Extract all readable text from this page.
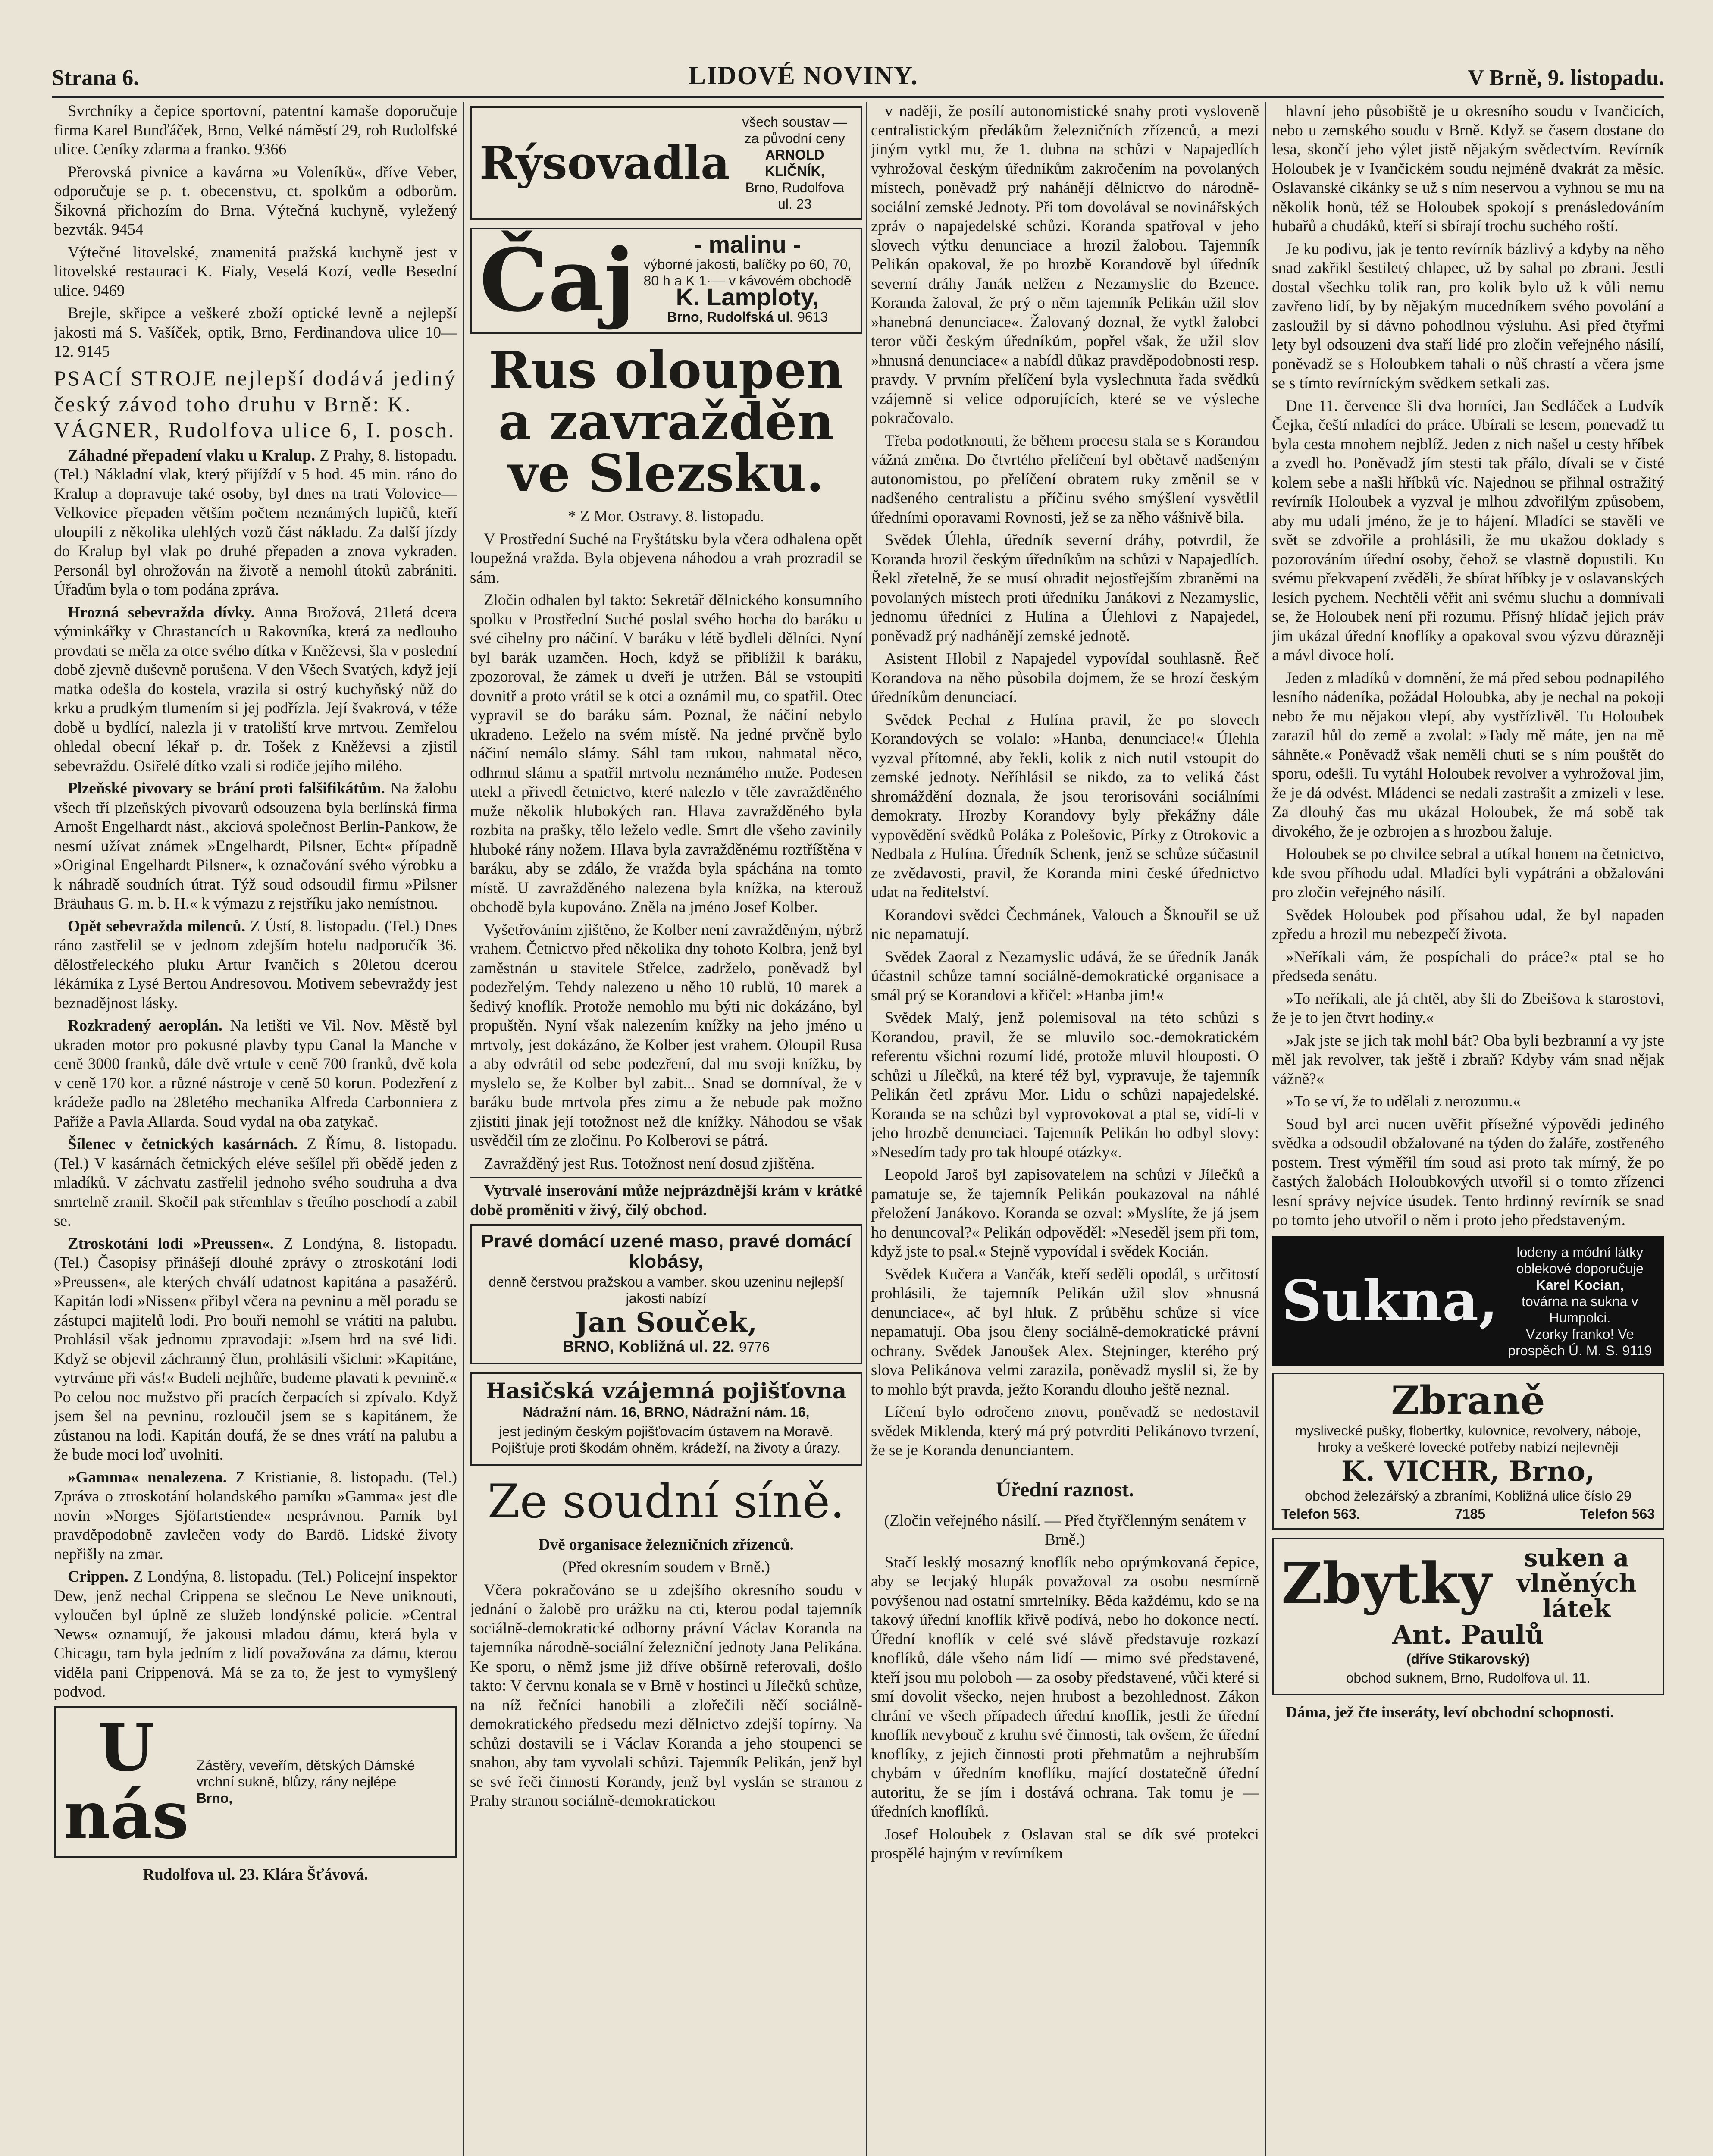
Strana 6.	LIDOVÉ NOVINY.	V Brně, 9. listopadu.

Svrchníky a čepice sportovní, patentní kamaše doporučuje firma Karel Bunďáček, Brno, Velké náměstí 29, roh Rudolfské ulice. Ceníky zdarma a franko. 9366

Přerovská pivnice a kavárna »u Voleníků«, dříve Veber, odporučuje se p. t. obecenstvu, ct. spolkům a odborům. Šikovná přichozím do Brna. Výtečná kuchyně, vyležený bezvták. 9454

Výtečné litovelské, znamenitá pražská kuchyně jest v litovelské restauraci K. Fialy, Veselá Kozí, vedle Besední ulice. 9469

Brejle, skřipce a veškeré zboží optické levně a nejlepší jakosti má S. Vašíček, optik, Brno, Ferdinandova ulice 10—12. 9145

PSACÍ STROJE nejlepší dodává jediný český závod toho druhu v Brně: K. VÁGNER, Rudolfova ulice 6, I. posch.

Záhadné přepadení vlaku u Kralup. Z Prahy, 8. listopadu. (Tel.) Nákladní vlak, který přijíždí v 5 hod. 45 min. ráno do Kralup a dopravuje také osoby, byl dnes na trati Volovice—Velkovice přepaden větším počtem neznámých lupičů, kteří uloupili z několika ulehlých vozů část nákladu. Za další jízdy do Kralup byl vlak po druhé přepaden a znova vykraden. Personál byl ohrožován na životě a nemohl útoků zabrániti. Úřadům byla o tom podána zpráva.

Hrozná sebevražda dívky. Anna Brožová, 21letá dcera výminkářky v Chrastancích u Rakovníka, která za nedlouho provdati se měla za otce svého dítka v Kněževsi, šla v poslední době zjevně duševně porušena. V den Všech Svatých, když její matka odešla do kostela, vrazila si ostrý kuchyňský nůž do krku a prudkým tlumením si jej podřízla. Její švakrová, v téže době u bydlící, nalezla ji v tratoliští krve mrtvou. Zemřelou ohledal obecní lékař p. dr. Tošek z Kněževsi a zjistil sebevraždu. Osiřelé dítko vzali si rodiče jejího milého.

Plzeňské pivovary se brání proti falšifikátům. Na žalobu všech tří plzeňských pivovarů odsouzena byla berlínská firma Arnošt Engelhardt nást., akciová společnost Berlin-Pankow, že nesmí užívat známek »Engelhardt, Pilsner, Echt« případně »Original Engelhardt Pilsner«, k označování svého výrobku a k náhradě soudních útrat. Týž soud odsoudil firmu »Pilsner Bräuhaus G. m. b. H.« k výmazu z rejstříku jako nemístnou.

Opět sebevražda milenců. Z Ústí, 8. listopadu. (Tel.) Dnes ráno zastřelil se v jednom zdejším hotelu nadporučík 36. dělostřeleckého pluku Artur Ivančich s 20letou dcerou lékárníka z Lysé Bertou Andresovou. Motivem sebevraždy jest beznadějnost lásky.

Rozkradený aeroplán. Na letišti ve Vil. Nov. Městě byl ukraden motor pro pokusné plavby typu Canal la Manche v ceně 3000 franků, dále dvě vrtule v ceně 700 franků, dvě kola v ceně 170 kor. a různé nástroje v ceně 50 korun. Podezření z krádeže padlo na 28letého mechanika Alfreda Carbonniera z Paříže a Pavla Allarda. Soud vydal na oba zatykač.

Šílenec v četnických kasárnách. Z Římu, 8. listopadu. (Tel.) V kasárnách četnických eléve sešílel při obědě jeden z mladíků. V záchvatu zastřelil jednoho svého soudruha a dva smrtelně zranil. Skočil pak střemhlav s třetího poschodí a zabil se.

Ztroskotání lodi »Preussen«. Z Londýna, 8. listopadu. (Tel.) Časopisy přinášejí dlouhé zprávy o ztroskotání lodi »Preussen«, ale kterých chválí udatnost kapitána a pasažérů. Kapitán lodi »Nissen« přibyl včera na pevninu a měl poradu se zástupci majitelů lodi. Pro bouři nemohl se vrátiti na palubu. Prohlásil však jednomu zpravodaji: »Jsem hrd na své lidi. Když se objevil záchranný člun, prohlásili všichni: »Kapitáne, vytrváme při vás!« Budeli nejhůře, budeme plavati k pevnině.« Po celou noc mužstvo při pracích čerpacích si zpívalo. Když jsem šel na pevninu, rozloučil jsem se s kapitánem, že zůstanou na lodi. Kapitán doufá, že se dnes vrátí na palubu a že bude moci loď uvolniti.

»Gamma« nenalezena. Z Kristianie, 8. listopadu. (Tel.) Zpráva o ztroskotání holandského parníku »Gamma« jest dle novin »Norges Sjöfartstiende« nesprávnou. Parník byl pravděpodobně zavlečen vody do Bardö. Lidské životy nepřišly na zmar.

Crippen. Z Londýna, 8. listopadu. (Tel.) Policejní inspektor Dew, jenž nechal Crippena se slečnou Le Neve uniknouti, vyloučen byl úplně ze služeb londýnské policie. »Central News« oznamují, že jakousi mladou dámu, která byla v Chicagu, tam byla jedním z lidí považována za dámu, kterou viděla pani Crippenová. Má se za to, že jest to vymyšlený podvod.

U nás
Zástěry, veveřím, dětských Dámské vrchní sukně, blůzy, rány nejlépe
Brno,

Rudolfova ul. 23. Klára Šťávová.

Rýsovadla
všech soustav — za původní ceny
ARNOLD KLIČNÍK,
Brno, Rudolfova ul. 23
Čaj	- malinu -
výborné jakosti, balíčky po 60, 70, 80 h a K 1·— v kávovém obchodě
K. Lamploty,
Brno, Rudolfská ul. 9613
Rus oloupen a zavražděn ve Slezsku.

* Z Mor. Ostravy, 8. listopadu.

V Prostřední Suché na Fryštátsku byla včera odhalena opět loupežná vražda. Byla objevena náhodou a vrah prozradil se sám.

Zločin odhalen byl takto: Sekretář dělnického konsumního spolku v Prostřední Suché poslal svého hocha do baráku u své cihelny pro náčiní. V baráku v létě bydleli dělníci. Nyní byl barák uzamčen. Hoch, když se přiblížil k baráku, zpozoroval, že zámek u dveří je utržen. Bál se vstoupiti dovnitř a proto vrátil se k otci a oznámil mu, co spatřil. Otec vypravil se do baráku sám. Poznal, že náčiní nebylo ukradeno. Leželo na svém místě. Na jedné prvčně bylo náčiní nemálo slámy. Sáhl tam rukou, nahmatal něco, odhrnul slámu a spatřil mrtvolu neznámého muže. Podesen utekl a přivedl četnictvo, které nalezlo v těle zavražděného muže několik hlubokých ran. Hlava zavražděného byla rozbita na prašky, tělo leželo vedle. Smrt dle všeho zavinily hluboké rány nožem. Hlava byla zavražděnému roztříštěna v baráku, aby se zdálo, že vražda byla spáchána na tomto místě. U zavražděného nalezena byla knížka, na kterouž obchodě byla kupováno. Zněla na jméno Josef Kolber.

Vyšetřováním zjištěno, že Kolber není zavražděným, nýbrž vrahem. Četnictvo před několika dny tohoto Kolbra, jenž byl zaměstnán u stavitele Střelce, zadrželo, poněvadž byl podezřelým. Tehdy nalezeno u něho 10 rublů, 10 marek a šedivý knoflík. Protože nemohlo mu býti nic dokázáno, byl propuštěn. Nyní však nalezením knížky na jeho jméno u mrtvoly, jest dokázáno, že Kolber jest vrahem. Oloupil Rusa a aby odvrátil od sebe podezření, dal mu svoji knížku, by myslelo se, že Kolber byl zabit... Snad se domníval, že v baráku bude mrtvola přes zimu a že nebude pak možno zjistiti jinak její totožnost než dle knížky. Náhodou se však usvědčil tím ze zločinu. Po Kolberovi se pátrá.

Zavražděný jest Rus. Totožnost není dosud zjištěna.

Vytrvalé inserování může nejprázdnější krám v krátké době proměniti v živý, čilý obchod.

Pravé domácí uzené maso, pravé domácí klobásy,

denně čerstvou pražskou a vamber. skou uzeninu nejlepší jakosti nabízí

Jan Souček,
BRNO, Kobližná ul. 22. 9776
Hasičská vzájemná pojišťovna
Nádražní nám. 16, BRNO, Nádražní nám. 16,

jest jediným českým pojišťovacím ústavem na Moravě. Pojišťuje proti škodám ohněm, krádeží, na životy a úrazy.

Ze soudní síně.

Dvě organisace železničních zřízenců.

(Před okresním soudem v Brně.)

Včera pokračováno se u zdejšího okresního soudu v jednání o žalobě pro urážku na cti, kterou podal tajemník sociálně-demokratické odborny právní Václav Koranda na tajemníka národně-sociální železniční jednoty Jana Pelikána. Ke sporu, o němž jsme již dříve obšírně referovali, došlo takto: V červnu konala se v Brně v hostinci u Jílečků schůze, na níž řečníci hanobili a zlořečili něčí sociálně-demokratického předsedu mezi dělnictvo zdejší topírny. Na schůzi dostavili se i Václav Koranda a jeho stoupenci se snahou, aby tam vyvolali schůzi. Tajemník Pelikán, jenž byl se své řeči činnosti Korandy, jenž byl vyslán se stranou z Prahy stranou sociálně-demokratickou

v naději, že posílí autonomistické snahy proti vysloveně centralistickým předákům železničních zřízenců, a mezi jiným vytkl mu, že 1. dubna na schůzi v Napajedlích vyhrožoval českým úředníkům zakročením na povolaných místech, poněvadž prý nahánějí dělnictvo do národně-sociální zemské Jednoty. Při tom dovolával se novinářských zpráv o napajedelské schůzi. Koranda spatřoval v jeho slovech výtku denunciace a hrozil žalobou. Tajemník Pelikán opakoval, že po hrozbě Korandově byl úředník severní dráhy Janák nelžen z Nezamyslic do Bzence. Koranda žaloval, že prý o něm tajemník Pelikán užil slov »hanebná denunciace«. Žalovaný doznal, že vytkl žalobci teror vůči českým úředníkům, popřel však, že užil slov »hnusná denunciace« a nabídl důkaz pravděpodobnosti resp. pravdy. V prvním přelíčení byla vyslechnuta řada svědků vzájemně si velice odporujících, které se ve výsleche pokračovalo.

Třeba podotknouti, že během procesu stala se s Korandou vážná změna. Do čtvrtého přelíčení byl obětavě nadšeným autonomistou, po přelíčení obratem ruky změnil se v nadšeného centralistu a příčinu svého smýšlení vysvětlil úředními oporavami Rovnosti, jež se za něho vášnivě bila.

Svědek Úlehla, úředník severní dráhy, potvrdil, že Koranda hrozil českým úředníkům na schůzi v Napajedlích. Řekl zřetelně, že se musí ohradit nejostřejším zbraněmi na povolaných místech proti úředníku Janákovi z Nezamyslic, jednomu úředníci z Hulína a Úlehlovi z Napajedel, poněvadž prý nadhánějí zemské jednotě.

Asistent Hlobil z Napajedel vypovídal souhlasně. Řeč Korandova na něho působila dojmem, že se hrozí českým úředníkům denunciací.

Svědek Pechal z Hulína pravil, že po slovech Korandových se volalo: »Hanba, denunciace!« Úlehla vyzval přítomné, aby řekli, kolik z nich nutil vstoupit do zemské jednoty. Neříhlásil se nikdo, za to veliká část shromáždění doznala, že jsou terorisováni sociálními demokraty. Hrozby Korandovy byly překážny dále vypovědění svědků Poláka z Polešovic, Pírky z Otrokovic a Nedbala z Hulína. Úředník Schenk, jenž se schůze súčastnil ze zvědavosti, pravil, že Koranda mini české úřednictvo udat na ředitelství.

Korandovi svědci Čechmánek, Valouch a Šknouřil se už nic nepamatují.

Svědek Zaoral z Nezamyslic udává, že se úředník Janák účastnil schůze tamní sociálně-demokratické organisace a smál prý se Korandovi a křičel: »Hanba jim!«

Svědek Malý, jenž polemisoval na této schůzi s Korandou, pravil, že se mluvilo soc.-demokratickém referentu všichni rozumí lidé, protože mluvil hlouposti. O schůzi u Jílečků, na které též byl, vypravuje, že tajemník Pelikán četl zprávu Mor. Lidu o schůzi napajedelské. Koranda se na schůzi byl vyprovokovat a ptal se, vidí-li v jeho hrozbě denunciaci. Tajemník Pelikán ho odbyl slovy: »Nesedím tady pro tak hloupé otázky«.

Leopold Jaroš byl zapisovatelem na schůzi v Jílečků a pamatuje se, že tajemník Pelikán poukazoval na náhlé přeložení Janákovo. Koranda se ozval: »Myslíte, že já jsem ho denuncoval?« Pelikán odpověděl: »Neseděl jsem při tom, když jste to psal.« Stejně vypovídal i svědek Kocián.

Svědek Kučera a Vančák, kteří seděli opodál, s určitostí prohlásili, že tajemník Pelikán užil slov »hnusná denunciace«, ač byl hluk. Z průběhu schůze si více nepamatují. Oba jsou členy sociálně-demokratické právní ochrany. Svědek Janoušek Alex. Stejninger, kterého prý slova Pelikánova velmi zarazila, poněvadž myslil si, že by to mohlo být pravda, ježto Korandu dlouho ještě neznal.

Líčení bylo odročeno znovu, poněvadž se nedostavil svědek Miklenda, který má prý potvrditi Pelikánovo tvrzení, že se je Koranda denunciantem.

Úřední raznost.

(Zločin veřejného násilí. — Před čtyřčlenným senátem v Brně.)

Stačí lesklý mosazný knoflík nebo oprýmkovaná čepice, aby se lecjaký hlupák považoval za osobu nesmírně povýšenou nad ostatní smrtelníky. Běda každému, kdo se na takový úřední knoflík křivě podívá, nebo ho dokonce nectí. Úřední knoflík v celé své slávě představuje rozkazí knoflíků, dále všeho nám lidí — mimo své představené, kteří jsou mu poloboh — za osoby představené, vůči které si smí dovolit všecko, nejen hrubost a bezohlednost. Zákon chrání ve všech případech úřední knoflík, jestli že úřední knoflík nevybouč z kruhu své činnosti, tak ovšem, že úřední knoflíky, z jejich činnosti proti přehmatům a nejhrubším chybám v úředním knoflíku, mající dostatečně úřední autoritu, že se jím i dostává ochrana. Tak tomu je — úředních knoflíků.

Josef Holoubek z Oslavan stal se dík své protekci prospělé hajným v revírníkem

hlavní jeho působiště je u okresního soudu v Ivančicích, nebo u zemského soudu v Brně. Když se časem dostane do lesa, skončí jeho výlet jistě nějakým svědectvím. Revírník Holoubek je v Ivančickém soudu nejméně dvakrát za měsíc. Oslavanské cikánky se už s ním neservou a vyhnou se mu na několik honů, též se Holoubek spokojí s prenásledováním hubařů a chudáků, kteří si sbírají trochu suchého roští.

Je ku podivu, jak je tento revírník bázlivý a kdyby na něho snad zakřikl šestiletý chlapec, už by sahal po zbrani. Jestli dostal všechku tolik ran, pro kolik bylo už k vůli nemu zavřeno lidí, by by nějakým mucedníkem svého povolání a zasloužil by si dávno pohodlnou výsluhu. Asi před čtyřmi lety byl odsouzeni dva staří lidé pro zločin veřejného násilí, poněvadž se s Holoubkem tahali o nůš chrastí a včera jsme se s tímto revírníckým svědkem setkali zas.

Dne 11. července šli dva horníci, Jan Sedláček a Ludvík Čejka, čeští mladíci do práce. Ubírali se lesem, ponevadž tu byla cesta mnohem nejblíž. Jeden z nich našel u cesty hříbek a zvedl ho. Poněvadž jím stesti tak přálo, dívali se v čisté kolem sebe a našli hříbků víc. Najednou se přihnal ostražitý revírník Holoubek a vyzval je mlhou zdvořilým způsobem, aby mu udali jméno, že je to hájení. Mladíci se stavěli ve svět se zdvořile a prohlásili, že mu ukažou doklady s pozorováním úřední osoby, čehož se vlastně dopustili. Ku svému překvapení zvěděli, že sbírat hříbky je v oslavanských lesích pychem. Nechtěli věřit ani svému sluchu a domnívali se, že Holoubek není při rozumu. Přísný hlídač jejich práv jim ukázal úřední knoflíky a opakoval svou výzvu důrazněji a mávl divoce holí.

Jeden z mladíků v domnění, že má před sebou podnapilého lesního nádeníka, požádal Holoubka, aby je nechal na pokoji nebo že mu nějakou vlepí, aby vystřízlivěl. Tu Holoubek zarazil hůl do země a zvolal: »Tady mě máte, jen na mě sáhněte.« Poněvadž však neměli chuti se s ním pouštět do sporu, odešli. Tu vytáhl Holoubek revolver a vyhrožoval jim, že je dá odvést. Mládenci se nedali zastrašit a zmizeli v lese. Za dlouhý čas mu ukázal Holoubek, že má sobě tak divokého, že je ozbrojen a s hrozbou žaluje.

Holoubek se po chvilce sebral a utíkal honem na četnictvo, kde svou příhodu udal. Mladíci byli vypátráni a obžalováni pro zločin veřejného násilí.

Svědek Holoubek pod přísahou udal, že byl napaden zpředu a hrozil mu nebezpečí života.

»Neříkali vám, že pospíchali do práce?« ptal se ho předseda senátu.

»To neříkali, ale já chtěl, aby šli do Zbeišova k starostovi, že je to jen čtvrt hodiny.«

»Jak jste se jich tak mohl bát? Oba byli bezbranní a vy jste měl jak revolver, tak ještě i zbraň? Kdyby vám snad nějak vážně?«

»To se ví, že to udělali z nerozumu.«

Soud byl arci nucen uvěřit přísežné výpovědi jediného svědka a odsoudil obžalované na týden do žaláře, zostřeného postem. Trest výměřil tím soud asi proto tak mírný, že po častých žalobách Holoubkových utvořil si o tomto zřízenci lesní správy nejvíce úsudek. Tento hrdinný revírník se snad po tomto jeho utvořil o něm i proto jeho představeným.

Sukna,
lodeny a módní látky oblekové doporučuje
Karel Kocian,
továrna na sukna v Humpolci.
Vzorky franko! Ve prospěch Ú. M. S. 9119
Zbraně

myslivecké pušky, flobertky, kulovnice, revolvery, náboje, hroky a veškeré lovecké potřeby nabízí nejlevněji

K. VICHR, Brno,

obchod železářský a zbraními, Kobližná ulice číslo 29

Telefon 563.	7185	Telefon 563
Zbytky	suken a vlněných látek
Ant. Paulů
(dříve Stikarovský)

obchod suknem, Brno, Rudolfova ul. 11.

Dáma, jež čte inseráty, leví obchodní schopnosti.
